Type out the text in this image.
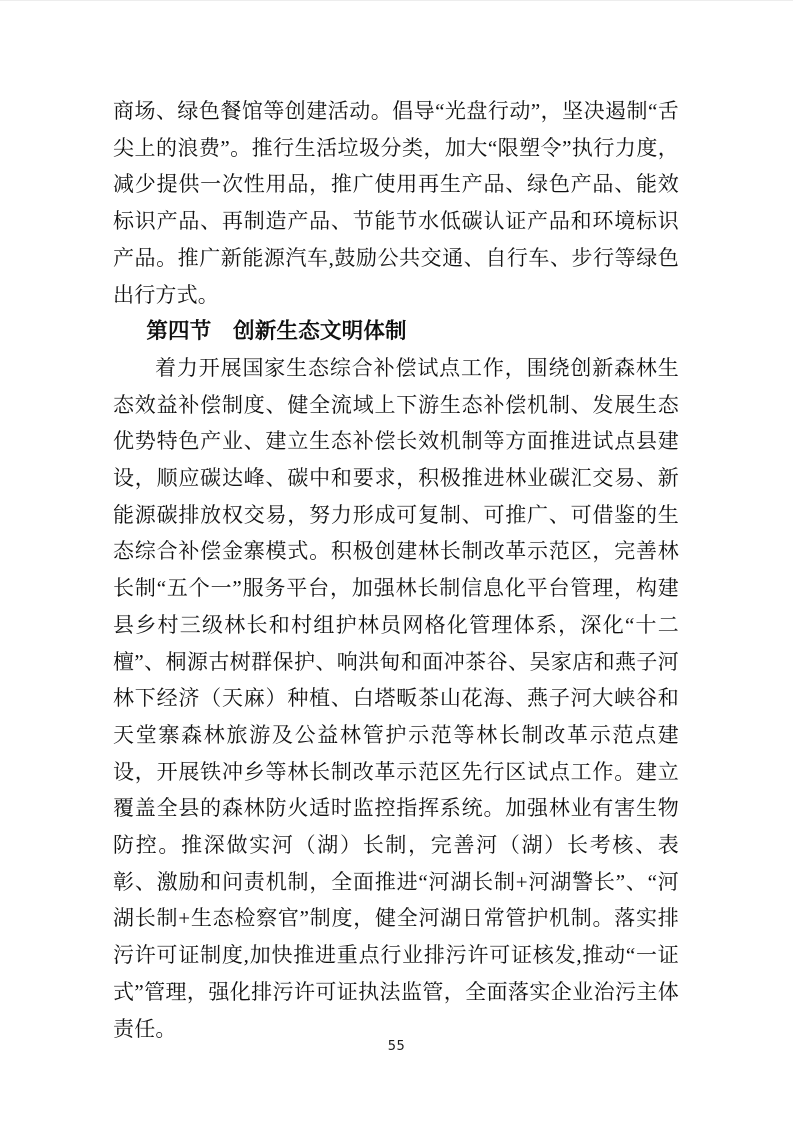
商场、绿色餐馆等创建活动。倡导“光盘行动”，坚决遏制“舌尖上的浪费”。推行生活垃圾分类，加大“限塑令”执行力度，减少提供一次性用品，推广使用再生产品、绿色产品、能效标识产品、再制造产品、节能节水低碳认证产品和环境标识产品。推广新能源汽车,鼓励公共交通、自行车、步行等绿色出行方式。

第四节　创新生态文明体制

着力开展国家生态综合补偿试点工作，围绕创新森林生态效益补偿制度、健全流域上下游生态补偿机制、发展生态优势特色产业、建立生态补偿长效机制等方面推进试点县建设，顺应碳达峰、碳中和要求，积极推进林业碳汇交易、新能源碳排放权交易，努力形成可复制、可推广、可借鉴的生态综合补偿金寨模式。积极创建林长制改革示范区，完善林长制“五个一”服务平台，加强林长制信息化平台管理，构建县乡村三级林长和村组护林员网格化管理体系，深化“十二檀”、桐源古树群保护、响洪甸和面冲茶谷、吴家店和燕子河林下经济（天麻）种植、白塔畈茶山花海、燕子河大峡谷和天堂寨森林旅游及公益林管护示范等林长制改革示范点建设，开展铁冲乡等林长制改革示范区先行区试点工作。建立覆盖全县的森林防火适时监控指挥系统。加强林业有害生物防控。推深做实河（湖）长制，完善河（湖）长考核、表彰、激励和问责机制，全面推进“河湖长制+河湖警长”、“河湖长制+生态检察官”制度，健全河湖日常管护机制。落实排污许可证制度,加快推进重点行业排污许可证核发,推动“一证式”管理，强化排污许可证执法监管，全面落实企业治污主体责任。

55
